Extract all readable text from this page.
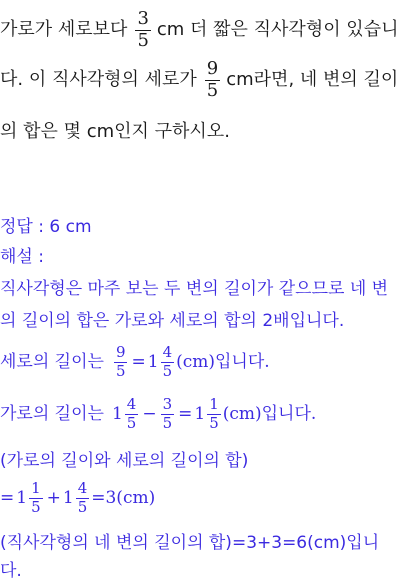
가로가 세로보다 $\frac{3}{5}$ cm 더 짧은 직사각형이 있습니
다. 이 직사각형의 세로가 $\frac{9}{5}$ cm라면, 네 변의 길이
의 합은 몇 cm인지 구하시오.
정답 : 6 cm
해설 :
직사각형은 마주 보는 두 변의 길이가 같으므로 네 변
의 길이의 합은 가로와 세로의 합의 2배입니다.
세로의 길이는 $\frac{9}{5} = 1 \frac{4}{5} (cm)$입니다.
가로의 길이는 $1 \frac{4}{5} - \frac{3}{5} = 1 \frac{1}{5} (cm)$입니다.
(가로의 길이와 세로의 길이의 합)
= $1 \frac{1}{5} + 1 \frac{4}{5} =3(cm)$
(직사각형의 네 변의 길이의 합)=3+3=6(cm)입니
다.
